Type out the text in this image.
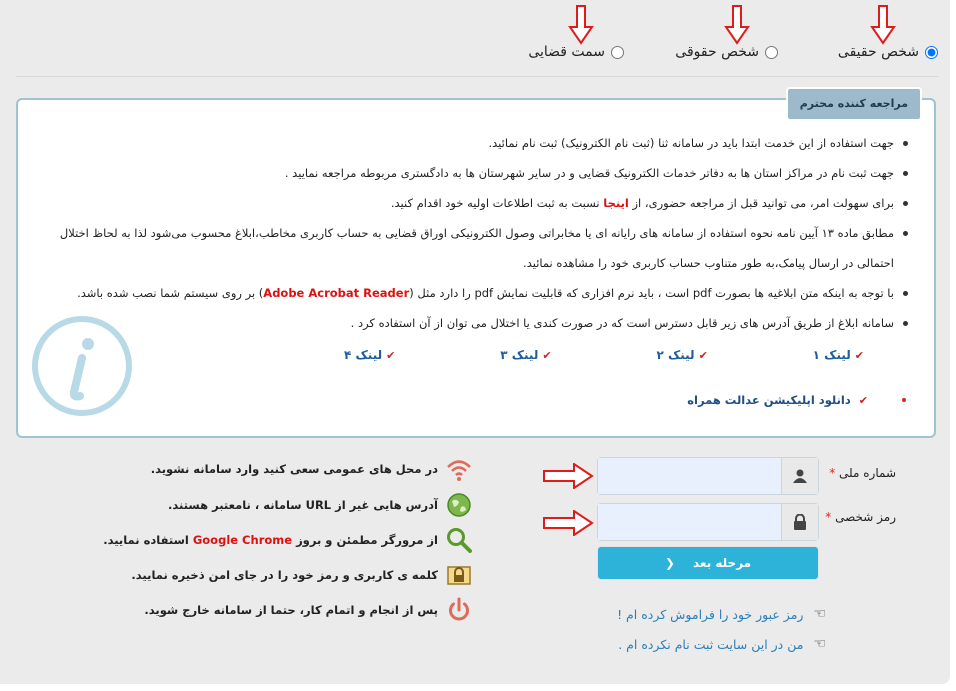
شخص حقیقی
شخص حقوقی
سمت قضایی
مراجعه کننده محترم
جهت استفاده از این خدمت ابتدا باید در سامانه ثنا (ثبت نام الکترونیک) ثبت نام نمائید.
جهت ثبت نام در مراکز استان ها به دفاتر خدمات الکترونیک قضایی و در سایر شهرستان ها به دادگستری مربوطه مراجعه نمایید .
برای سهولت امر، می توانید قبل از مراجعه حضوری، از اینجا نسبت به ثبت اطلاعات اولیه خود اقدام کنید.
مطابق ماده ۱۳ آیین نامه نحوه استفاده از سامانه های رایانه ای یا مخابراتی وصول الکترونیکی اوراق قضایی به حساب کاربری مخاطب،ابلاغ محسوب می‌شود لذا به لحاظ اختلال احتمالی در ارسال پیامک،به طور متناوب حساب کاربری خود را مشاهده نمائید.
با توجه به اینکه متن ابلاغیه ها بصورت pdf است ، باید نرم افزاری که قابلیت نمایش pdf را دارد مثل (Adobe Acrobat Reader) بر روی سیستم شما نصب شده باشد.
سامانه ابلاغ از طریق آدرس های زیر قابل دسترس است که در صورت کندی یا اختلال می توان از آن استفاده کرد .
✔
لینک ۱
✔
لینک ۲
✔
لینک ۳
✔
لینک ۴
✔
دانلود اپلیکیشن عدالت همراه
شماره ملی *
رمز شخصی *
مرحله بعد
❮
☜
رمز عبور خود را فراموش کرده ام !
☜
من در این سایت ثبت نام نکرده ام .
در محل های عمومی سعی کنید وارد سامانه نشوید.
آدرس هایی غیر از URL سامانه ، نامعتبر هستند.
از مرورگر مطمئن و بروز Google Chrome استفاده نمایید.
کلمه ی کاربری و رمز خود را در جای امن ذخیره نمایید.
پس از انجام و اتمام کار، حتما از سامانه خارج شوید.
